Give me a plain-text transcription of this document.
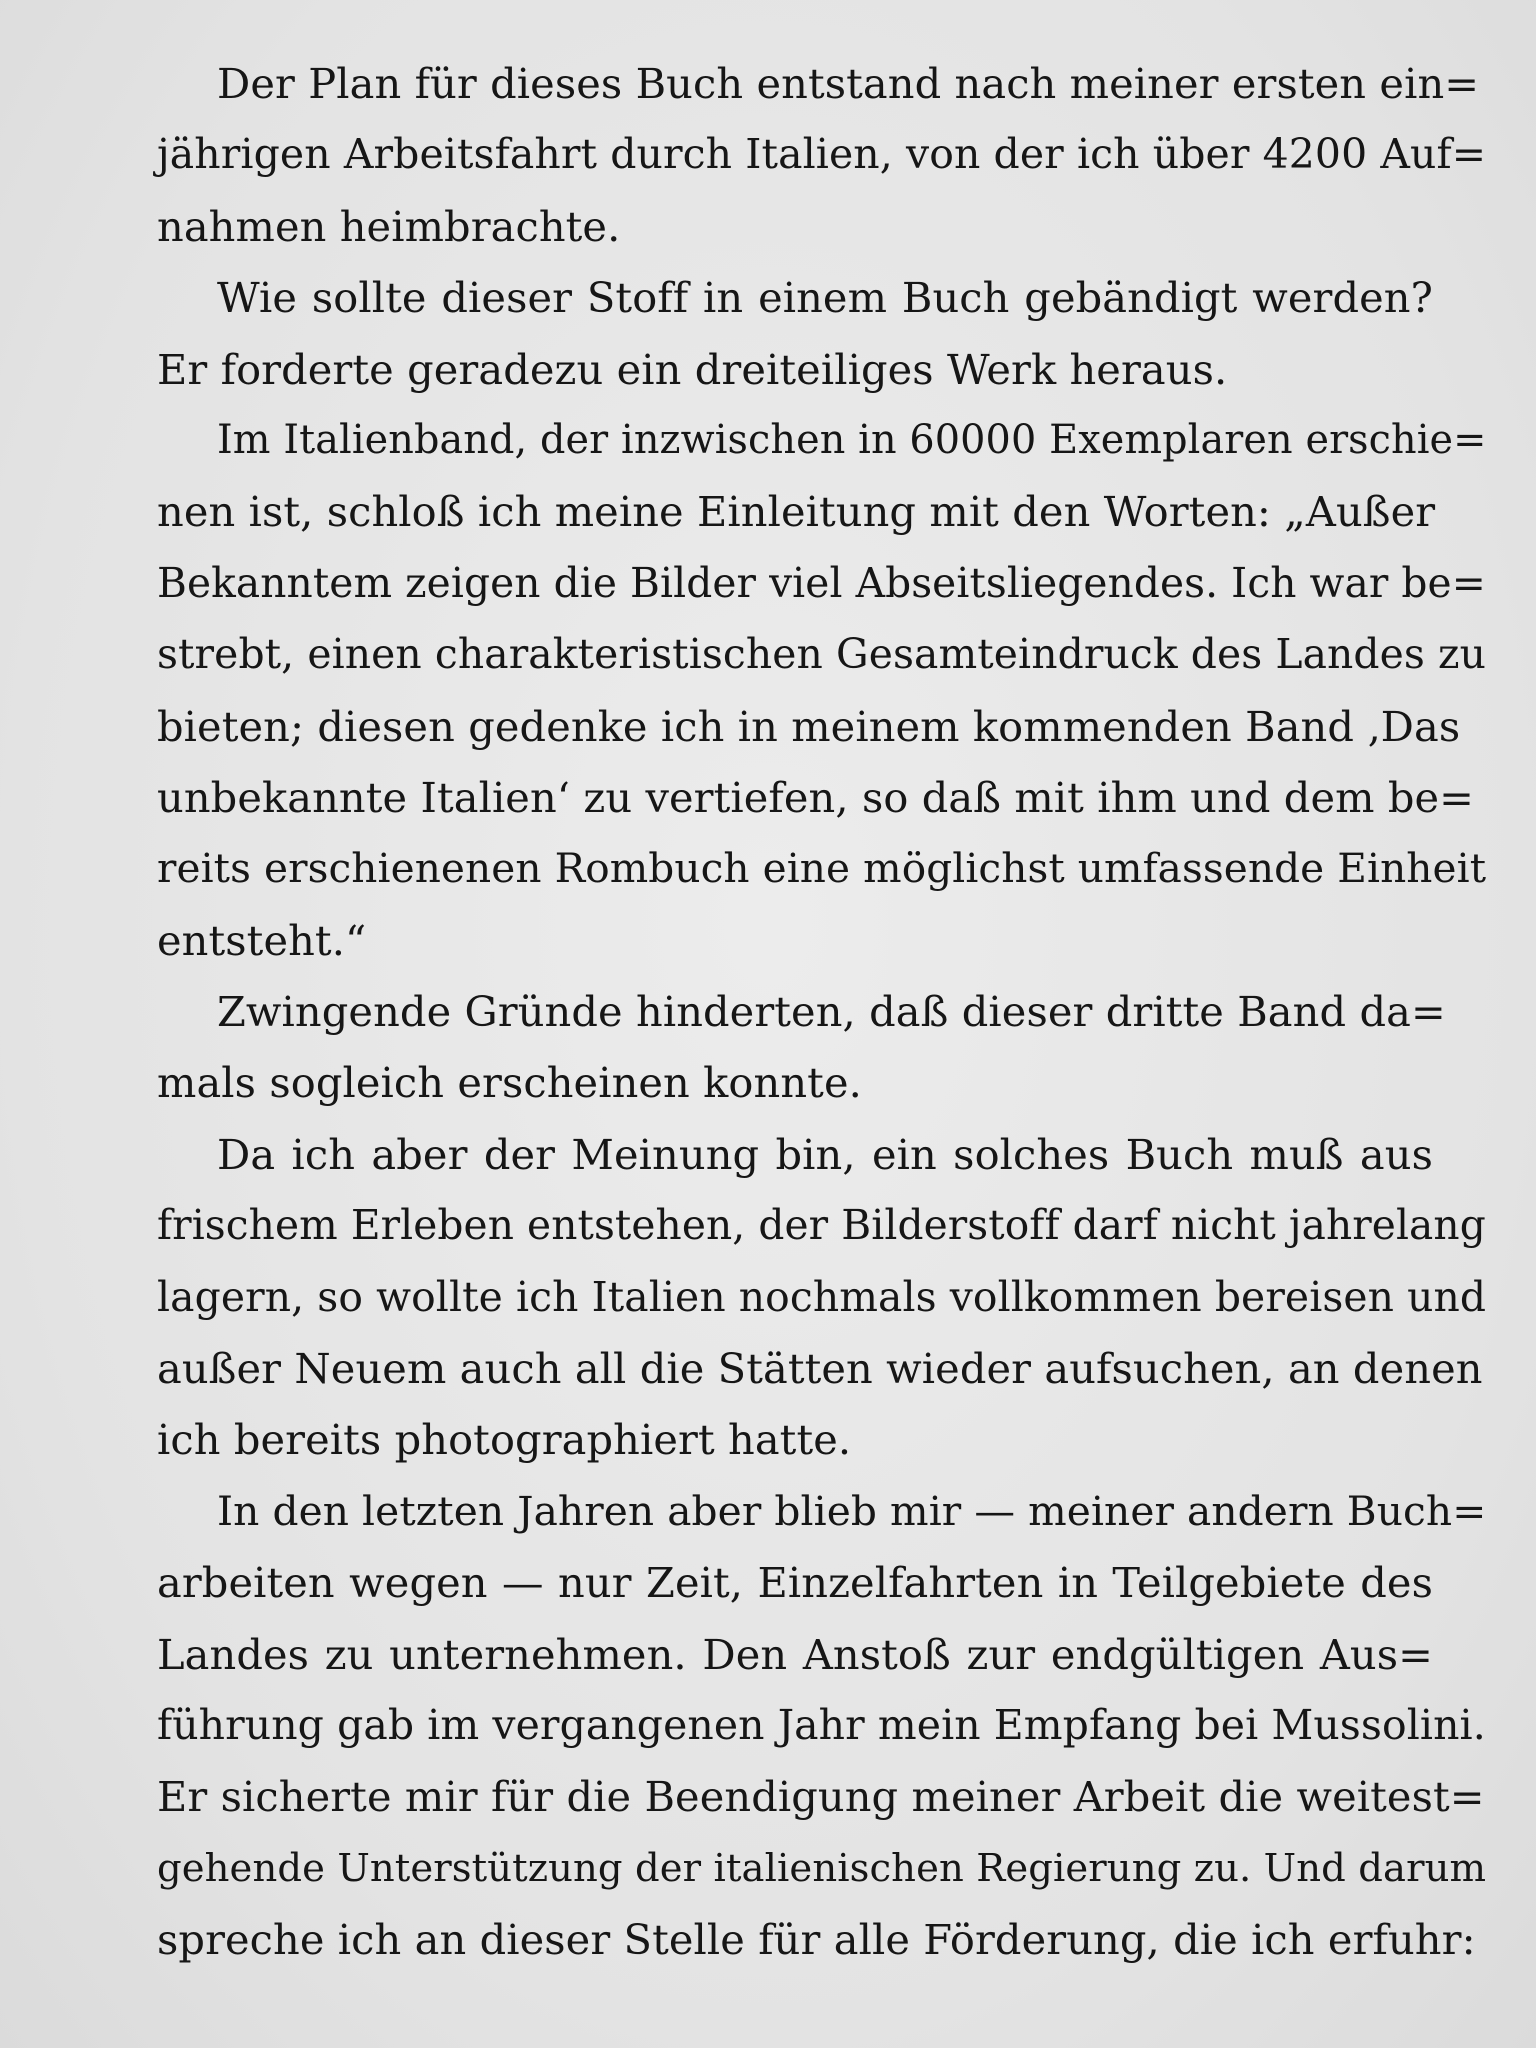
Der Plan für dieses Buch entstand nach meiner ersten ein=
jährigen Arbeitsfahrt durch Italien, von der ich über 4200 Auf=
nahmen heimbrachte.
Wie sollte dieser Stoff in einem Buch gebändigt werden?
Er forderte geradezu ein dreiteiliges Werk heraus.
Im Italienband, der inzwischen in 60000 Exemplaren erschie=
nen ist, schloß ich meine Einleitung mit den Worten: „Außer
Bekanntem zeigen die Bilder viel Abseitsliegendes. Ich war be=
strebt, einen charakteristischen Gesamteindruck des Landes zu
bieten; diesen gedenke ich in meinem kommenden Band ‚Das
unbekannte Italien‘ zu vertiefen, so daß mit ihm und dem be=
reits erschienenen Rombuch eine möglichst umfassende Einheit
entsteht.“
Zwingende Gründe hinderten, daß dieser dritte Band da=
mals sogleich erscheinen konnte.
Da ich aber der Meinung bin, ein solches Buch muß aus
frischem Erleben entstehen, der Bilderstoff darf nicht jahrelang
lagern, so wollte ich Italien nochmals vollkommen bereisen und
außer Neuem auch all die Stätten wieder aufsuchen, an denen
ich bereits photographiert hatte.
In den letzten Jahren aber blieb mir — meiner andern Buch=
arbeiten wegen — nur Zeit, Einzelfahrten in Teilgebiete des
Landes zu unternehmen. Den Anstoß zur endgültigen Aus=
führung gab im vergangenen Jahr mein Empfang bei Mussolini.
Er sicherte mir für die Beendigung meiner Arbeit die weitest=
gehende Unterstützung der italienischen Regierung zu. Und darum
spreche ich an dieser Stelle für alle Förderung, die ich erfuhr:
